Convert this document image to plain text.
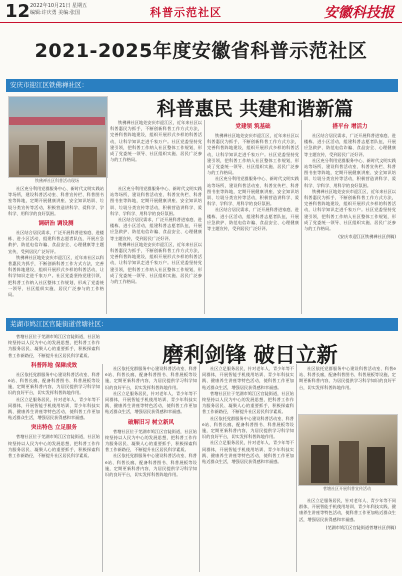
12 2022年10月21日 星期五
编辑:许庆勇 美编:张国	科普示范社区	安徽科技报
2021-2025年度安徽省科普示范社区
安庆市迎江区铁佛禅社区：
科普惠民 共建和谐新篇
铁佛禅社区科普活动现场

铁佛禅社区地处安庆市迎江区，近年来社区以科普惠民为抓手，不断创新科普工作方式方法，完善科普阵地建设，组织开展形式多样的科普活动，让科学知识走进千家万户。社区党委坚持党建引领，把科普工作纳入社区整体工作规划，形成了党委统一领导、社区组织实施、居民广泛参与的工作格局。

社区充分利用党群服务中心、新时代文明实践站等场所，建设科普活动室、科普宣传栏、科普图书室等阵地，定期开展健康讲座、安全知识培训、垃圾分类宣传等活动，积极营造讲科学、爱科学、学科学、用科学的良好氛围。

调研治 调设测

社区结合居民需求，广泛开展科普进家庭、进楼栋、进小区活动，组建科普志愿者队伍，开展应急救护、防范电信诈骗、食品安全、心理健康等主题宣传，受到居民广泛好评。

铁佛禅社区地处安庆市迎江区，近年来社区以科普惠民为抓手，不断创新科普工作方式方法，完善科普阵地建设，组织开展形式多样的科普活动，让科学知识走进千家万户。社区党委坚持党建引领，把科普工作纳入社区整体工作规划，形成了党委统一领导、社区组织实施、居民广泛参与的工作格局。

社区充分利用党群服务中心、新时代文明实践站等场所，建设科普活动室、科普宣传栏、科普图书室等阵地，定期开展健康讲座、安全知识培训、垃圾分类宣传等活动，积极营造讲科学、爱科学、学科学、用科学的良好氛围。

社区结合居民需求，广泛开展科普进家庭、进楼栋、进小区活动，组建科普志愿者队伍，开展应急救护、防范电信诈骗、食品安全、心理健康等主题宣传，受到居民广泛好评。

铁佛禅社区地处安庆市迎江区，近年来社区以科普惠民为抓手，不断创新科普工作方式方法，完善科普阵地建设，组织开展形式多样的科普活动，让科学知识走进千家万户。社区党委坚持党建引领，把科普工作纳入社区整体工作规划，形成了党委统一领导、社区组织实施、居民广泛参与的工作格局。

党建领 筑基础

铁佛禅社区地处安庆市迎江区，近年来社区以科普惠民为抓手，不断创新科普工作方式方法，完善科普阵地建设，组织开展形式多样的科普活动，让科学知识走进千家万户。社区党委坚持党建引领，把科普工作纳入社区整体工作规划，形成了党委统一领导、社区组织实施、居民广泛参与的工作格局。

社区充分利用党群服务中心、新时代文明实践站等场所，建设科普活动室、科普宣传栏、科普图书室等阵地，定期开展健康讲座、安全知识培训、垃圾分类宣传等活动，积极营造讲科学、爱科学、学科学、用科学的良好氛围。

社区结合居民需求，广泛开展科普进家庭、进楼栋、进小区活动，组建科普志愿者队伍，开展应急救护、防范电信诈骗、食品安全、心理健康等主题宣传，受到居民广泛好评。

搭平台 增活力

社区结合居民需求，广泛开展科普进家庭、进楼栋、进小区活动，组建科普志愿者队伍，开展应急救护、防范电信诈骗、食品安全、心理健康等主题宣传，受到居民广泛好评。

社区充分利用党群服务中心、新时代文明实践站等场所，建设科普活动室、科普宣传栏、科普图书室等阵地，定期开展健康讲座、安全知识培训、垃圾分类宣传等活动，积极营造讲科学、爱科学、学科学、用科学的良好氛围。

铁佛禅社区地处安庆市迎江区，近年来社区以科普惠民为抓手，不断创新科普工作方式方法，完善科普阵地建设，组织开展形式多样的科普活动，让科学知识走进千家万户。社区党委坚持党建引领，把科普工作纳入社区整体工作规划，形成了党委统一领导、社区组织实施、居民广泛参与的工作格局。

(安庆市迎江区铁佛禅社区供稿)
芜湖市鸠江区官陡街道菅塘社区：
磨利剑锋 破日立新

菅塘社区位于芜湖市鸠江区官陡街道，社区始终坚持以人民为中心的发展思想，把科普工作作为服务居民、凝聚人心的重要抓手，积极探索科普工作新路径，不断提升社区居民科学素质。

科普阵地 保障成效

社区依托党群服务中心建设科普活动室、科普e站、科普长廊，配备科普图书、科普展板等设施，定期更新科普内容，为居民提供学习科学知识的良好平台，切实发挥科普阵地作用。

社区立足服务居民，针对老年人、青少年等不同群体，开展智能手机使用培训、青少年科技实践、健康养生讲座等特色活动，使科普工作更加贴近群众生活，增强居民获得感和幸福感。

突出特色 立足服务

菅塘社区位于芜湖市鸠江区官陡街道，社区始终坚持以人民为中心的发展思想，把科普工作作为服务居民、凝聚人心的重要抓手，积极探索科普工作新路径，不断提升社区居民科学素质。

社区依托党群服务中心建设科普活动室、科普e站、科普长廊，配备科普图书、科普展板等设施，定期更新科普内容，为居民提供学习科学知识的良好平台，切实发挥科普阵地作用。

社区立足服务居民，针对老年人、青少年等不同群体，开展智能手机使用培训、青少年科技实践、健康养生讲座等特色活动，使科普工作更加贴近群众生活，增强居民获得感和幸福感。

破解旧习 树立新风

菅塘社区位于芜湖市鸠江区官陡街道，社区始终坚持以人民为中心的发展思想，把科普工作作为服务居民、凝聚人心的重要抓手，积极探索科普工作新路径，不断提升社区居民科学素质。

社区依托党群服务中心建设科普活动室、科普e站、科普长廊，配备科普图书、科普展板等设施，定期更新科普内容，为居民提供学习科学知识的良好平台，切实发挥科普阵地作用。

社区立足服务居民，针对老年人、青少年等不同群体，开展智能手机使用培训、青少年科技实践、健康养生讲座等特色活动，使科普工作更加贴近群众生活，增强居民获得感和幸福感。

菅塘社区位于芜湖市鸠江区官陡街道，社区始终坚持以人民为中心的发展思想，把科普工作作为服务居民、凝聚人心的重要抓手，积极探索科普工作新路径，不断提升社区居民科学素质。

社区依托党群服务中心建设科普活动室、科普e站、科普长廊，配备科普图书、科普展板等设施，定期更新科普内容，为居民提供学习科学知识的良好平台，切实发挥科普阵地作用。

社区立足服务居民，针对老年人、青少年等不同群体，开展智能手机使用培训、青少年科技实践、健康养生讲座等特色活动，使科普工作更加贴近群众生活，增强居民获得感和幸福感。

社区依托党群服务中心建设科普活动室、科普e站、科普长廊，配备科普图书、科普展板等设施，定期更新科普内容，为居民提供学习科学知识的良好平台，切实发挥科普阵地作用。

菅塘社区开展科普宣传活动

社区立足服务居民，针对老年人、青少年等不同群体，开展智能手机使用培训、青少年科技实践、健康养生讲座等特色活动，使科普工作更加贴近群众生活，增强居民获得感和幸福感。

(芜湖市鸠江区官陡街道菅塘社区供稿)
